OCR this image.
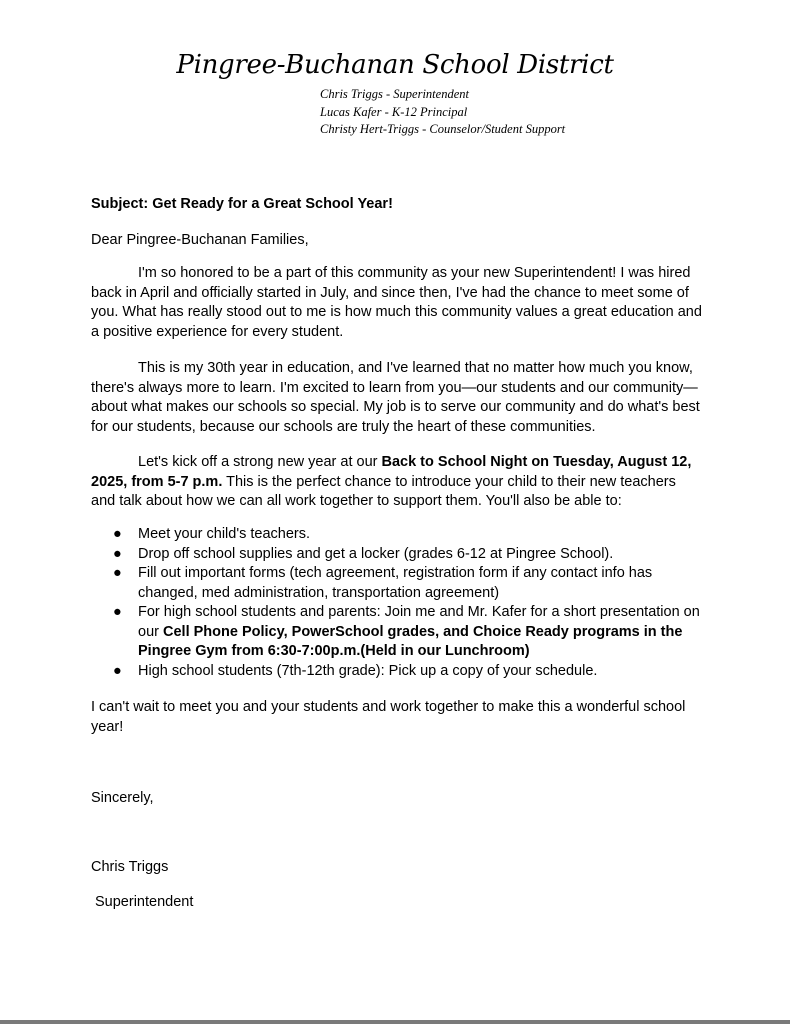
Pingree-Buchanan School District
Chris Triggs - Superintendent
Lucas Kafer - K-12 Principal
Christy Hert-Triggs - Counselor/Student Support
Subject: Get Ready for a Great School Year!
Dear Pingree-Buchanan Families,
I'm so honored to be a part of this community as your new Superintendent! I was hired back in April and officially started in July, and since then, I've had the chance to meet some of you. What has really stood out to me is how much this community values a great education and a positive experience for every student.
This is my 30th year in education, and I've learned that no matter how much you know, there's always more to learn. I'm excited to learn from you—our students and our community—about what makes our schools so special. My job is to serve our community and do what's best for our students, because our schools are truly the heart of these communities.
Let's kick off a strong new year at our Back to School Night on Tuesday, August 12, 2025, from 5-7 p.m. This is the perfect chance to introduce your child to their new teachers and talk about how we can all work together to support them. You'll also be able to:
● Meet your child's teachers.
● Drop off school supplies and get a locker (grades 6-12 at Pingree School).
● Fill out important forms (tech agreement, registration form if any contact info has changed, med administration, transportation agreement)
● For high school students and parents: Join me and Mr. Kafer for a short presentation on our Cell Phone Policy, PowerSchool grades, and Choice Ready programs in the Pingree Gym from 6:30-7:00p.m.(Held in our Lunchroom)
● High school students (7th-12th grade): Pick up a copy of your schedule.
I can't wait to meet you and your students and work together to make this a wonderful school year!
Sincerely,
Chris Triggs
Superintendent
